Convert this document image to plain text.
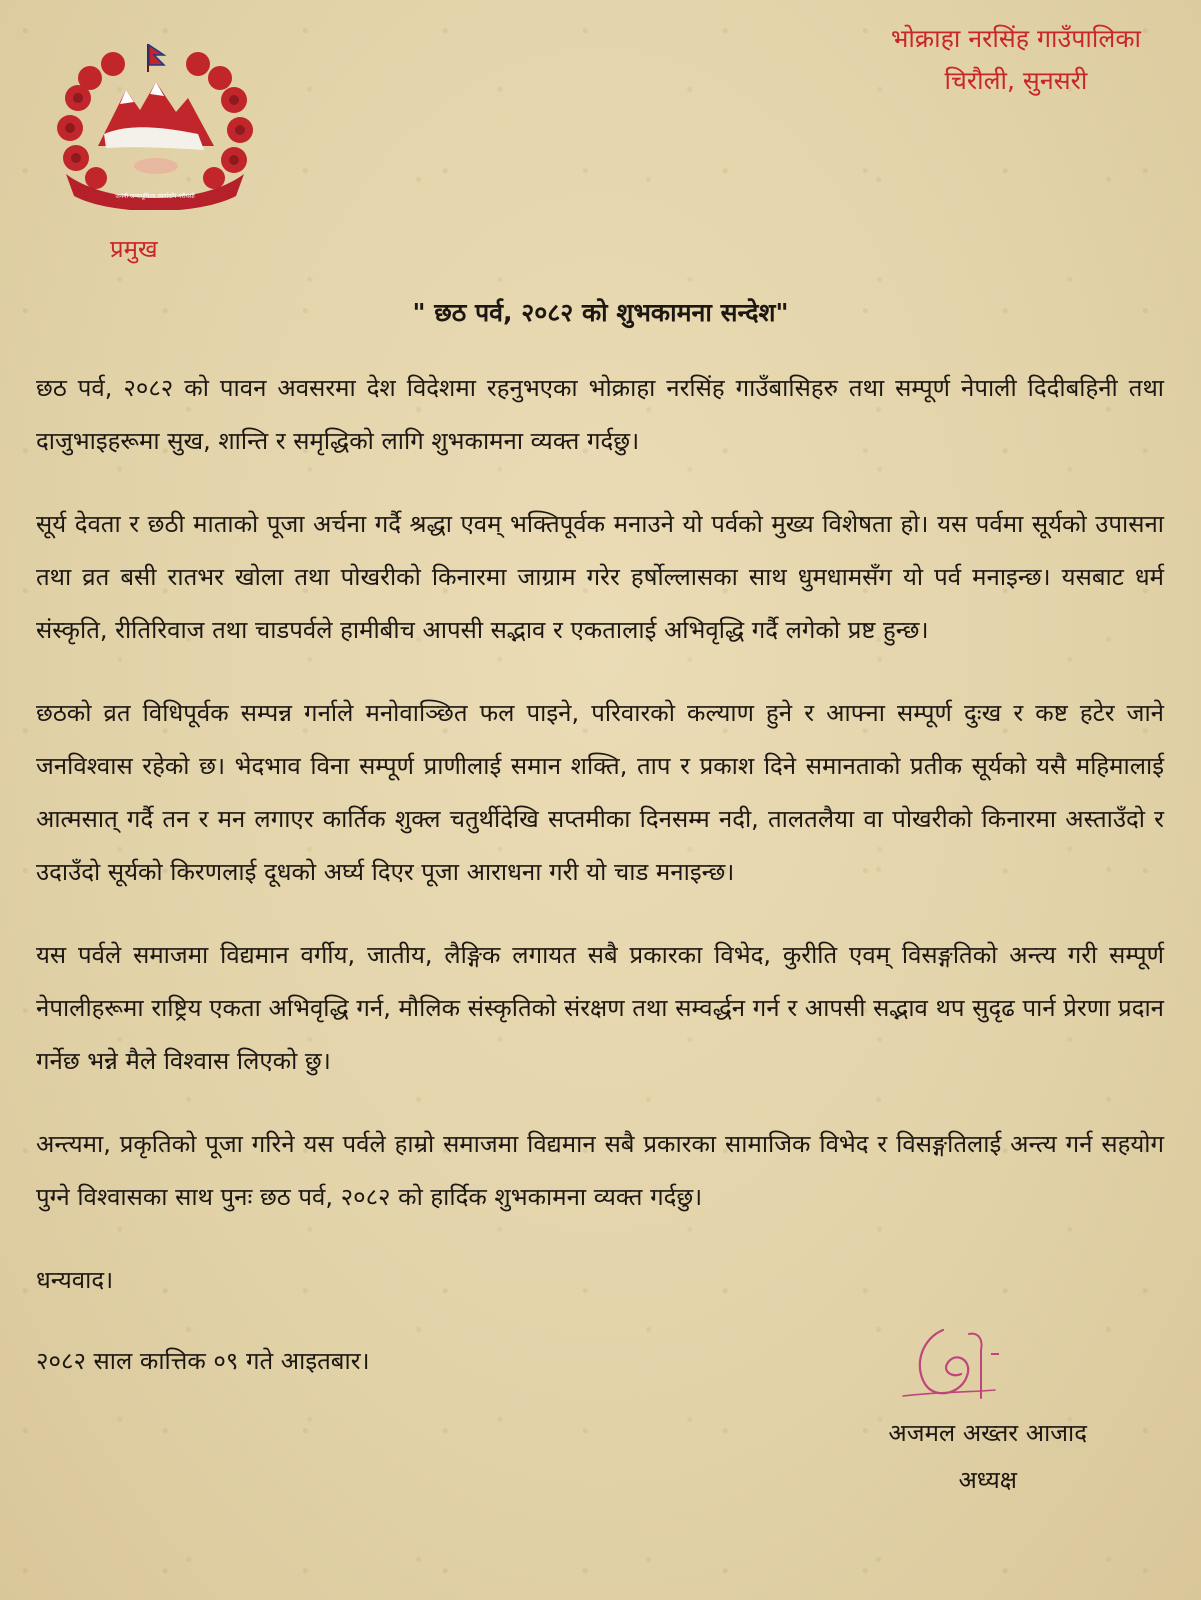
भोक्राहा नरसिंह गाउँपालिका
चिरौली, सुनसरी
जननी जन्मभूमिश्च स्वर्गादपि गरीयसी
प्रमुख
" छठ पर्व, २०८२ को शुभकामना सन्देश"

छठ पर्व, २०८२ को पावन अवसरमा देश विदेशमा रहनुभएका भोक्राहा नरसिंह गाउँबासिहरु तथा सम्पूर्ण नेपाली दिदीबहिनी तथा दाजुभाइहरूमा सुख, शान्ति र समृद्धिको लागि शुभकामना व्यक्त गर्दछु।

सूर्य देवता र छठी माताको पूजा अर्चना गर्दै श्रद्धा एवम् भक्तिपूर्वक मनाउने यो पर्वको मुख्य विशेषता हो। यस पर्वमा सूर्यको उपासना तथा व्रत बसी रातभर खोला तथा पोखरीको किनारमा जाग्राम गरेर हर्षोल्लासका साथ धुमधामसँग यो पर्व मनाइन्छ। यसबाट धर्म संस्कृति, रीतिरिवाज तथा चाडपर्वले हामीबीच आपसी सद्भाव र एकतालाई अभिवृद्धि गर्दै लगेको प्रष्ट हुन्छ।

छठको व्रत विधिपूर्वक सम्पन्न गर्नाले मनोवाञ्छित फल पाइने, परिवारको कल्याण हुने र आफ्ना सम्पूर्ण दुःख र कष्ट हटेर जाने जनविश्वास रहेको छ। भेदभाव विना सम्पूर्ण प्राणीलाई समान शक्ति, ताप र प्रकाश दिने समानताको प्रतीक सूर्यको यसै महिमालाई आत्मसात् गर्दै तन र मन लगाएर कार्तिक शुक्ल चतुर्थीदेखि सप्तमीका दिनसम्म नदी, तालतलैया वा पोखरीको किनारमा अस्ताउँदो र उदाउँदो सूर्यको किरणलाई दूधको अर्घ्य दिएर पूजा आराधना गरी यो चाड मनाइन्छ।

यस पर्वले समाजमा विद्यमान वर्गीय, जातीय, लैङ्गिक लगायत सबै प्रकारका विभेद, कुरीति एवम् विसङ्गतिको अन्त्य गरी सम्पूर्ण नेपालीहरूमा राष्ट्रिय एकता अभिवृद्धि गर्न, मौलिक संस्कृतिको संरक्षण तथा सम्वर्द्धन गर्न र आपसी सद्भाव थप सुदृढ पार्न प्रेरणा प्रदान गर्नेछ भन्ने मैले विश्वास लिएको छु।

अन्त्यमा, प्रकृतिको पूजा गरिने यस पर्वले हाम्रो समाजमा विद्यमान सबै प्रकारका सामाजिक विभेद र विसङ्गतिलाई अन्त्य गर्न सहयोग पुग्ने विश्वासका साथ पुनः छठ पर्व, २०८२ को हार्दिक शुभकामना व्यक्त गर्दछु।

धन्यवाद।

२०८२ साल कात्तिक ०९ गते आइतबार।

अजमल अख्तर आजाद
अध्यक्ष
